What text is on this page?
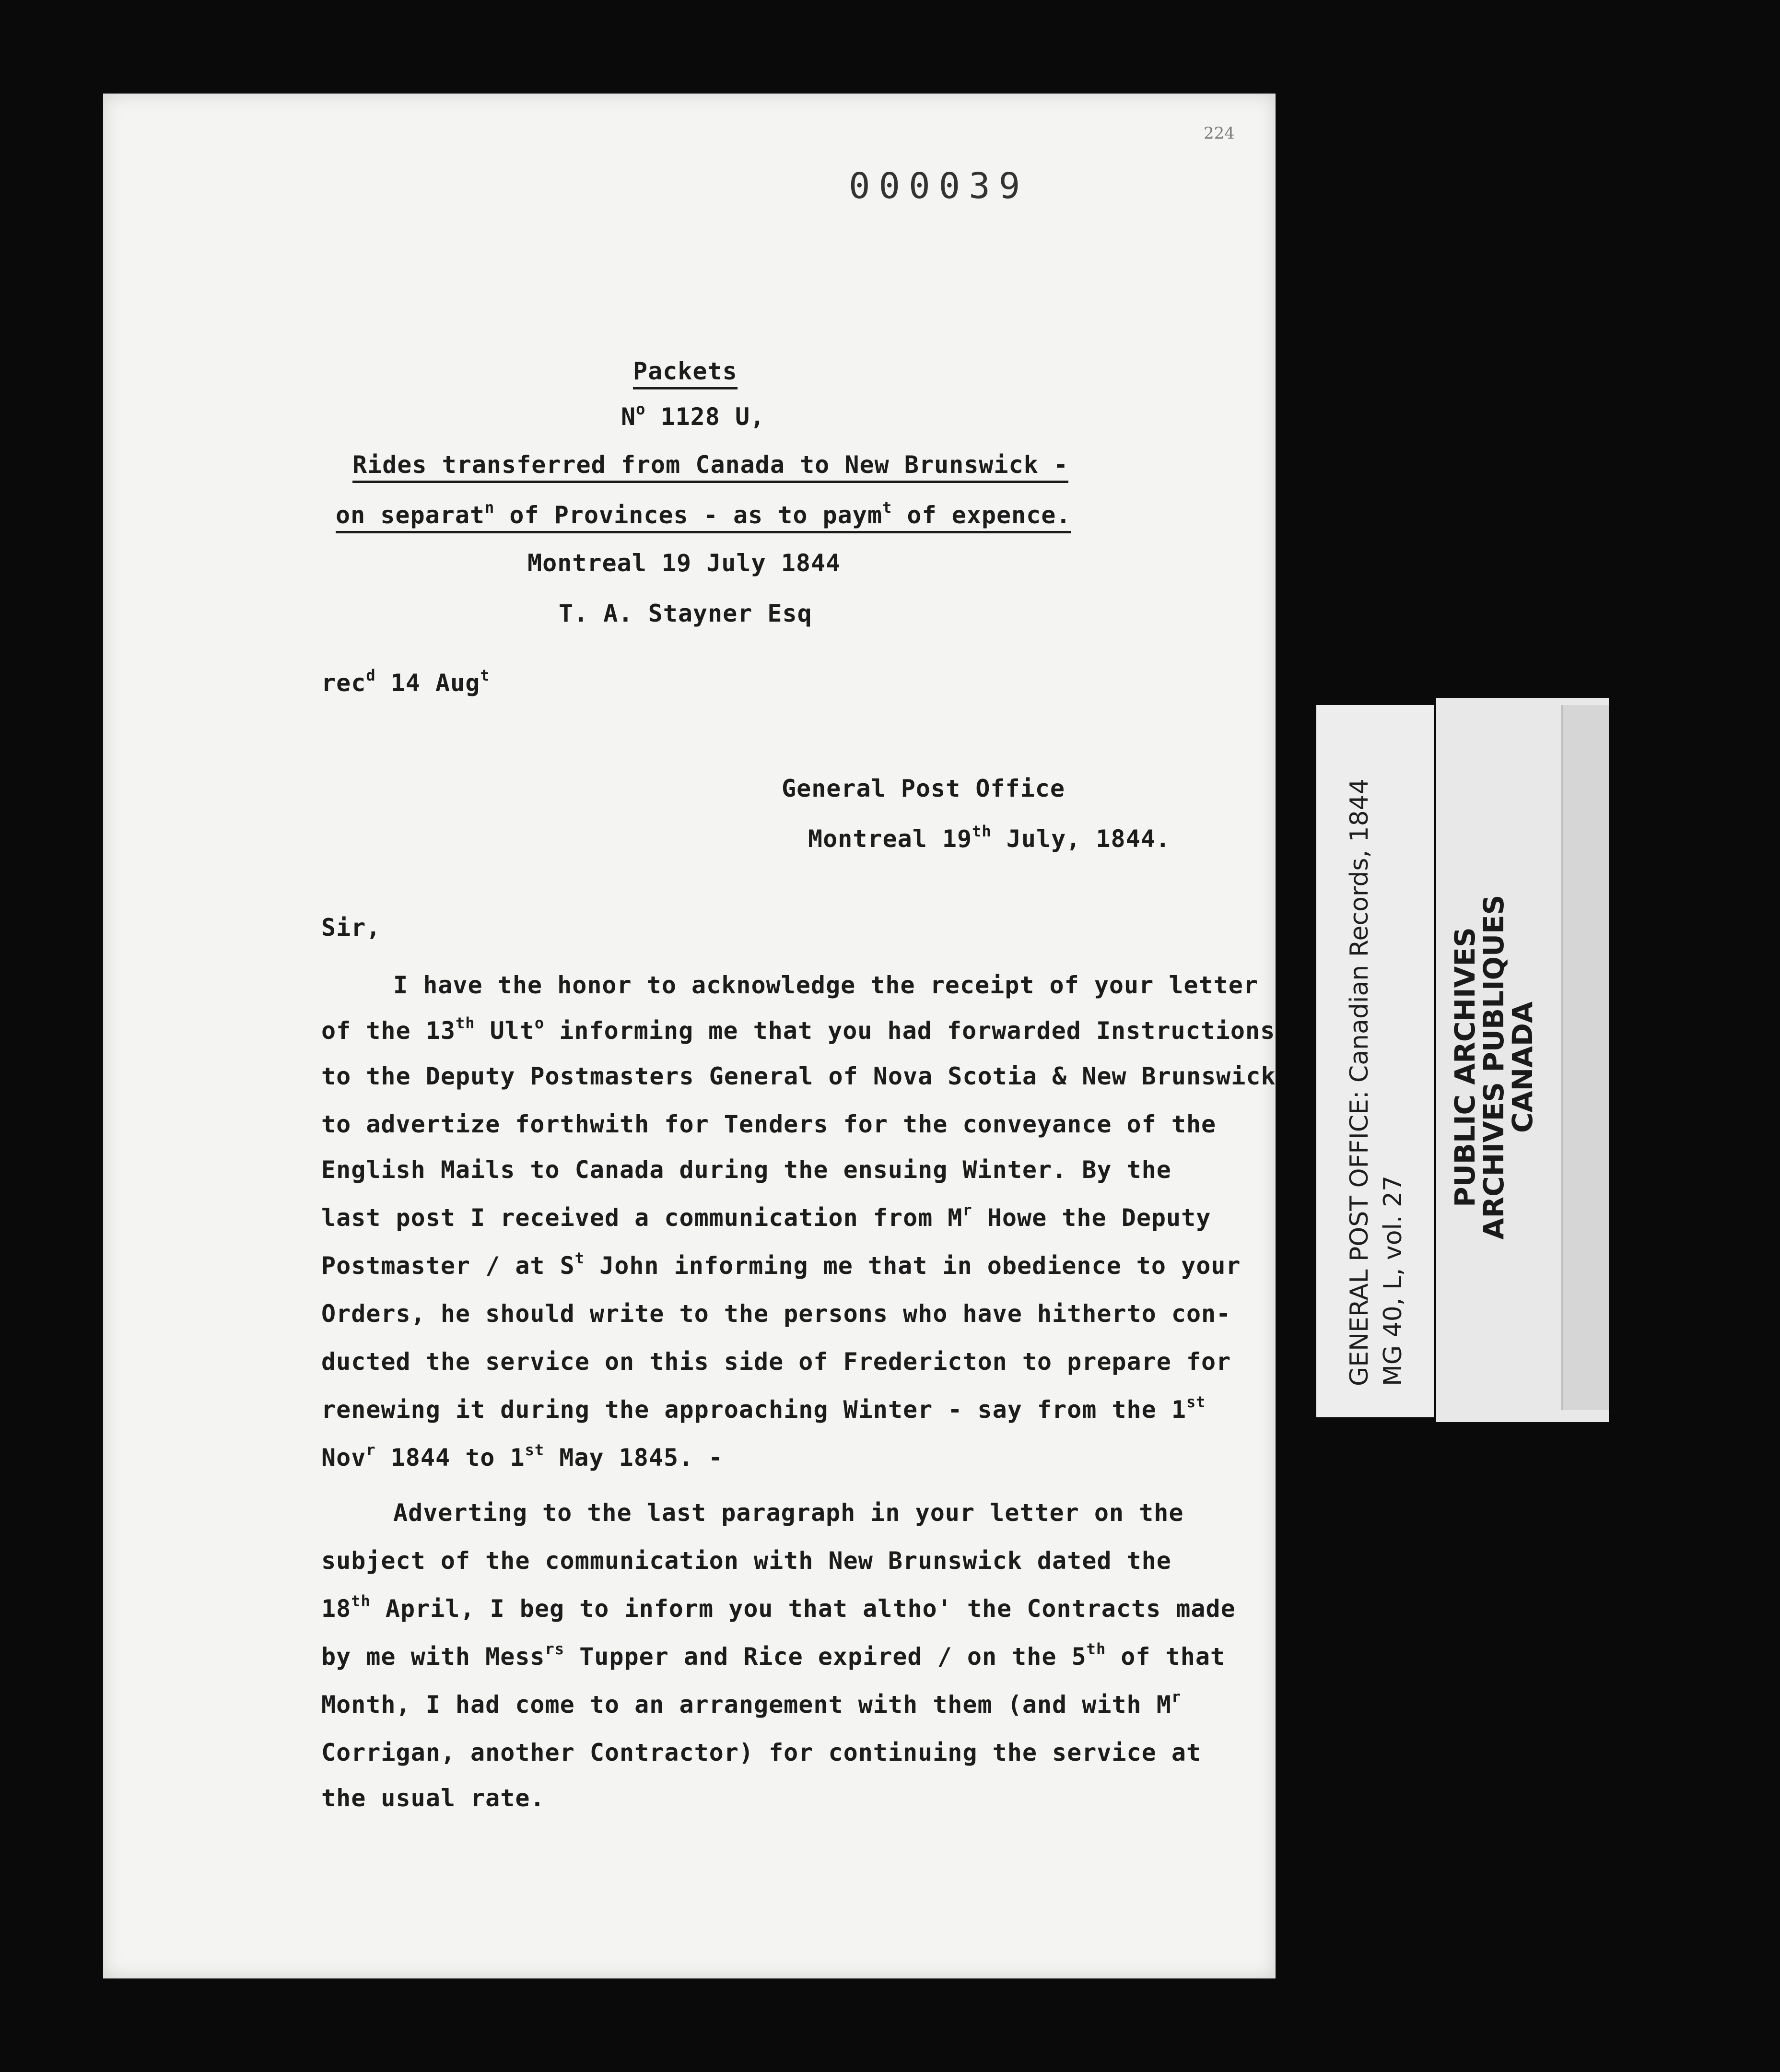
224
000039
Packets
$N^o$ 1128 U,
Rides transferred from Canada to New Brunswick -
on separat$^n$ of Provinces - as to paym$^t$ of expence.
Montreal 19 July 1844
T. A. Stayner Esq
rec$^d$ 14 Aug$^t$
General Post Office
Montreal 19th July, 1844.
Sir,
I have the honor to acknowledge the receipt of your letter
of the 13th Ult$^o$ informing me that you had forwarded Instructions
to the Deputy Postmasters General of Nova Scotia & New Brunswick
to advertize forthwith for Tenders for the conveyance of the
English Mails to Canada during the ensuing Winter. By the
last post I received a communication from $M^r$ Howe the Deputy
Postmaster / at $S^t$ John informing me that in obedience to your
Orders, he should write to the persons who have hitherto con-
ducted the service on this side of Fredericton to prepare for
renewing it during the approaching Winter - say from the 1st
Nov$^r$ 1844 to 1st May 1845. -
Adverting to the last paragraph in your letter on the
subject of the communication with New Brunswick dated the
18th April, I beg to inform you that altho' the Contracts made
by me with Mess$^{rs}$ Tupper and Rice expired / on the 5th of that
Month, I had come to an arrangement with them (and with $M^r$
Corrigan, another Contractor) for continuing the service at
the usual rate.
GENERAL POST OFFICE: Canadian Records, 1844 MG 40, L, vol. 27
PUBLIC ARCHIVES
ARCHIVES PUBLIQUES
CANADA
